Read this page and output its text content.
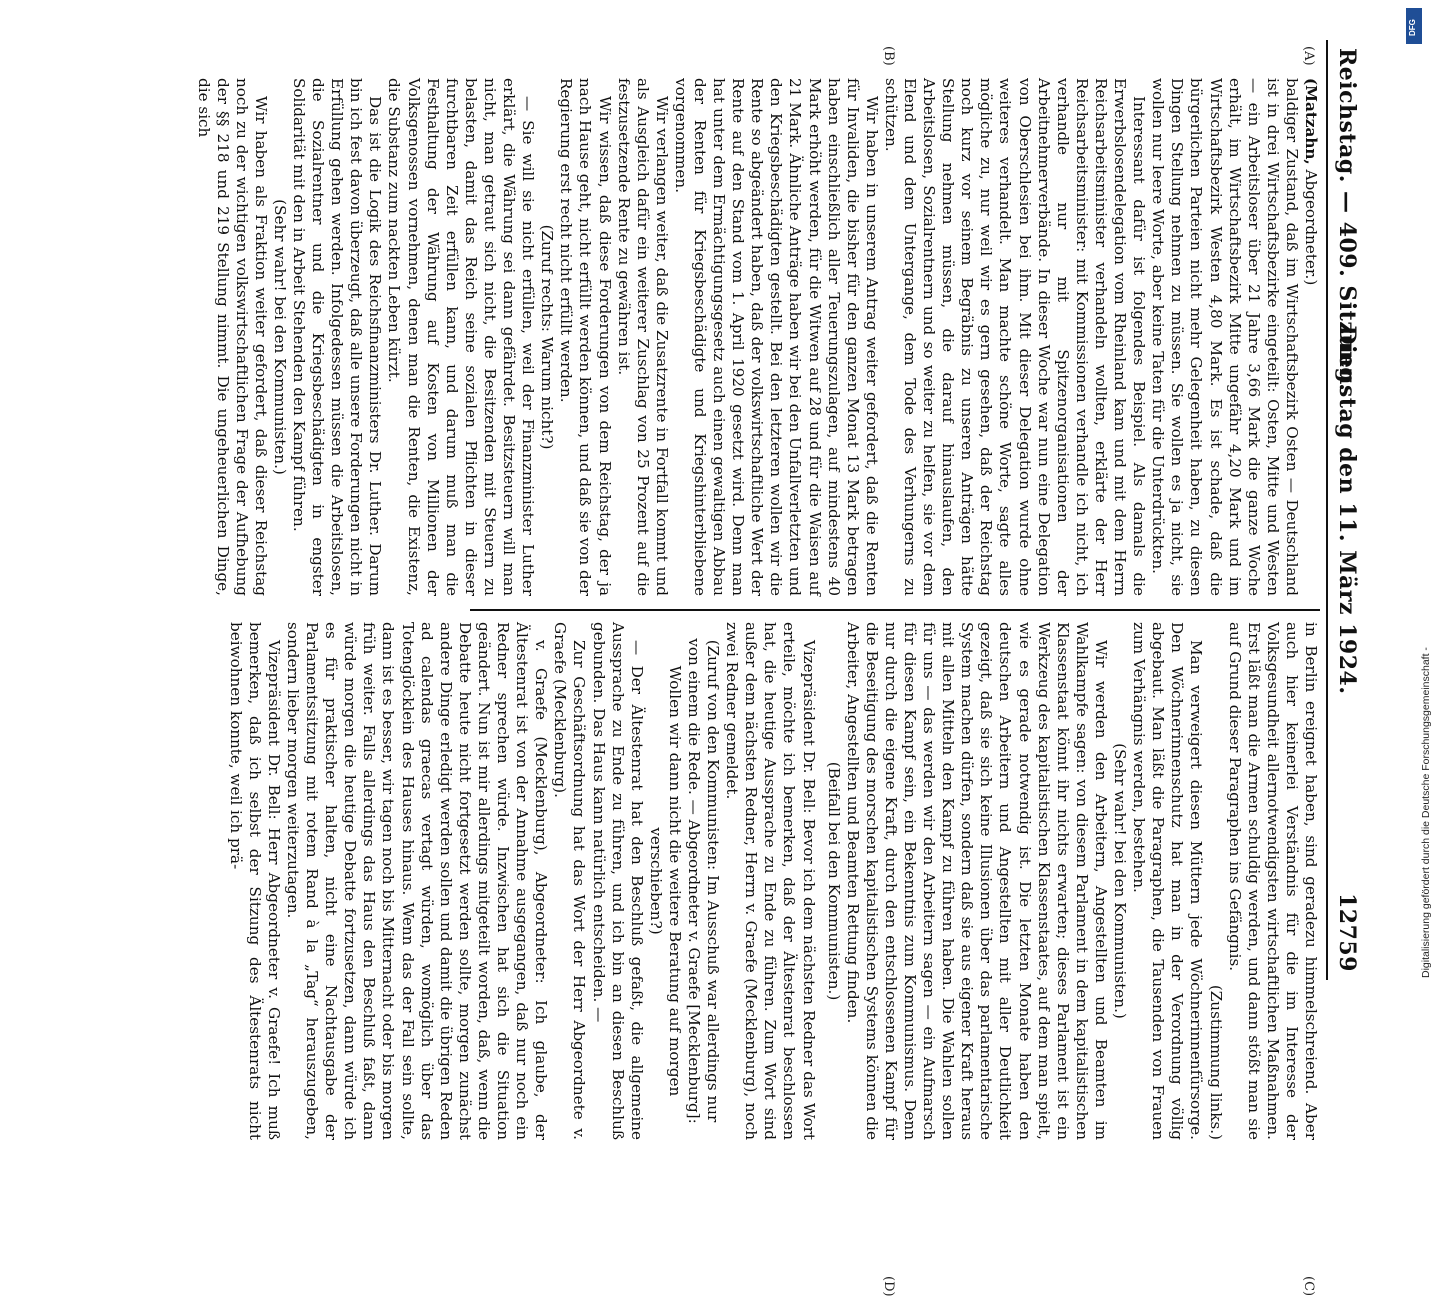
Reichstag. — 409. Sitzung.
Dienstag den 11. März 1924.
12759
(A)
(B)
(C)
(D)

(Matzahn, Abgeordneter.)

baldiger Zustand, daß im Wirtschaftsbezirk Osten — Deutschland ist in drei Wirtschaftsbezirke eingeteilt: Osten, Mitte und Westen — ein Arbeitsloser über 21 Jahre 3,66 Mark die ganze Woche erhält, im Wirtschaftsbezirk Mitte ungefähr 4,20 Mark und im Wirtschaftsbezirk Westen 4,80 Mark. Es ist schade, daß die bürgerlichen Parteien nicht mehr Gelegenheit haben, zu diesen Dingen Stellung nehmen zu müssen. Sie wollen es ja nicht, sie wollen nur leere Worte, aber keine Taten für die Unterdrückten.

Interessant dafür ist folgendes Beispiel. Als damals die Erwerbslosendelegation vom Rheinland kam und mit dem Herrn Reichsarbeitsminister verhandeln wollten, erklärte der Herr Reichsarbeitsminister: mit Kommissionen verhandle ich nicht, ich verhandle nur mit Spitzenorganisationen der Arbeitnehmerverbände. In dieser Woche war nun eine Delegation von Oberschlesien bei ihm. Mit dieser Delegation wurde ohne weiteres verhandelt. Man machte schöne Worte, sagte alles mögliche zu, nur weil wir es gern gesehen, daß der Reichstag noch kurz vor seinem Begräbnis zu unseren Anträgen hätte Stellung nehmen müssen, die darauf hinauslaufen, den Arbeitslosen, Sozialrentnern und so weiter zu helfen, sie vor dem Elend und dem Untergange, dem Tode des Verhungerns zu schützen.

Wir haben in unserem Antrag weiter gefordert, daß die Renten für Invaliden, die bisher für den ganzen Monat 13 Mark betragen haben einschließlich aller Teuerungszulagen, auf mindestens 40 Mark erhöht werden, für die Witwen auf 28 und für die Waisen auf 21 Mark. Ähnliche Anträge haben wir bei den Unfallverletzten und den Kriegsbeschädigten gestellt. Bei den letzteren wollen wir die Rente so abgeändert haben, daß der volkswirtschaftliche Wert der Rente auf den Stand vom 1. April 1920 gesetzt wird. Denn man hat unter dem Ermächtigungsgesetz auch einen gewaltigen Abbau der Renten für Kriegsbeschädigte und Kriegshinterbliebene vorgenommen.

Wir verlangen weiter, daß die Zusatzrente in Fortfall kommt und als Ausgleich dafür ein weiterer Zuschlag von 25 Prozent auf die festzusetzende Rente zu gewähren ist.

Wir wissen, daß diese Forderungen von dem Reichstag, der ja nach Hause geht, nicht erfüllt werden können, und daß sie von der Regierung erst recht nicht erfüllt werden.

(Zuruf rechts: Warum nicht?)

— Sie will sie nicht erfüllen, weil der Finanzminister Luther erklärt, die Währung sei dann gefährdet. Besitzsteuern will man nicht, man getraut sich nicht, die Besitzenden mit Steuern zu belasten, damit das Reich seine sozialen Pflichten in dieser furchtbaren Zeit erfüllen kann, und darum muß man die Festhaltung der Währung auf Kosten von Millionen der Volksgenossen vornehmen, denen man die Renten, die Existenz, die Substanz zum nackten Leben kürzt.

Das ist die Logik des Reichsfinanzministers Dr. Luther. Darum bin ich fest davon überzeugt, daß alle unsere Forderungen nicht in Erfüllung gehen werden. Infolgedessen müssen die Arbeitslosen, die Sozialrentner und die Kriegsbeschädigten in engster Solidarität mit den in Arbeit Stehenden den Kampf führen.

(Sehr wahr! bei den Kommunisten.)

Wir haben als Fraktion weiter gefordert, daß dieser Reichstag noch zu der wichtigen volkswirtschaftlichen Frage der Aufhebung der §§ 218 und 219 Stellung nimmt. Die ungeheuerlichen Dinge, die sich

in Berlin ereignet haben, sind geradezu himmelschreiend. Aber auch hier keinerlei Verständnis für die im Interesse der Volksgesundheit allernotwendigsten wirtschaftlichen Maßnahmen. Erst läßt man die Armen schuldig werden, und dann stößt man sie auf Grund dieser Paragraphen ins Gefängnis.

(Zustimmung links.)

Man verweigert diesen Müttern jede Wöchnerinnenfürsorge. Den Wöchnerinnenschutz hat man in der Verordnung völlig abgebaut. Man läßt die Paragraphen, die Tausenden von Frauen zum Verhängnis werden, bestehen.

(Sehr wahr! bei den Kommunisten.)

Wir werden den Arbeitern, Angestellten und Beamten im Wahlkampfe sagen: von diesem Parlament in dem kapitalistischen Klassenstaat könnt ihr nichts erwarten; dieses Parlament ist ein Werkzeug des kapitalistischen Klassenstaates, auf dem man spielt, wie es gerade notwendig ist. Die letzten Monate haben den deutschen Arbeitern und Angestellten mit aller Deutlichkeit gezeigt, daß sie sich keine Illusionen über das parlamentarische System machen dürfen, sondern daß sie aus eigener Kraft heraus mit allen Mitteln den Kampf zu führen haben. Die Wahlen sollen für uns — das werden wir den Arbeitern sagen — ein Aufmarsch für diesen Kampf sein, ein Bekenntnis zum Kommunismus. Denn nur durch die eigene Kraft, durch den entschlossenen Kampf für die Beseitigung des morschen kapitalistischen Systems können die Arbeiter, Angestellten und Beamten Rettung finden.

(Beifall bei den Kommunisten.)

Vizepräsident Dr. Bell: Bevor ich dem nächsten Redner das Wort erteile, möchte ich bemerken, daß der Ältestenrat beschlossen hat, die heutige Aussprache zu Ende zu führen. Zum Wort sind außer dem nächsten Redner, Herrn v. Graefe (Mecklenburg), noch zwei Redner gemeldet.

(Zuruf von den Kommunisten: Im Ausschuß war allerdings nur von einem die Rede. — Abgeordneter v. Graefe [Mecklenburg]: Wollen wir dann nicht die weitere Beratung auf morgen verschieben?)

— Der Ältestenrat hat den Beschluß gefaßt, die allgemeine Aussprache zu Ende zu führen, und ich bin an diesen Beschluß gebunden. Das Haus kann natürlich entscheiden. —

Zur Geschäftsordnung hat das Wort der Herr Abgeordnete v. Graefe (Mecklenburg).

v. Graefe (Mecklenburg), Abgeordneter: Ich glaube, der Ältestenrat ist von der Annahme ausgegangen, daß nur noch ein Redner sprechen würde. Inzwischen hat sich die Situation geändert. Nun ist mir allerdings mitgeteilt worden, daß, wenn die Debatte heute nicht fortgesetzt werden sollte, morgen zunächst andere Dinge erledigt werden sollen und damit die übrigen Reden ad calendas graecas vertagt würden, womöglich über das Totenglöcklein des Hauses hinaus. Wenn das der Fall sein sollte, dann ist es besser, wir tagen noch bis Mitternacht oder bis morgen früh weiter. Falls allerdings das Haus den Beschluß faßt, dann würde morgen die heutige Debatte fortzusetzen, dann würde ich es für praktischer halten, nicht eine Nachtausgabe der Parlamentssitzung mit rotem Rand à la „Tag“ herauszugeben, sondern lieber morgen weiterzutagen.

Vizepräsident Dr. Bell: Herr Abgeordneter v. Graefe! Ich muß bemerken, daß ich selbst der Sitzung des Ältestenrats nicht beiwohnen konnte, weil ich prä-

DFG
Digitalisierung gefördert durch die Deutsche Forschungsgemeinschaft -
